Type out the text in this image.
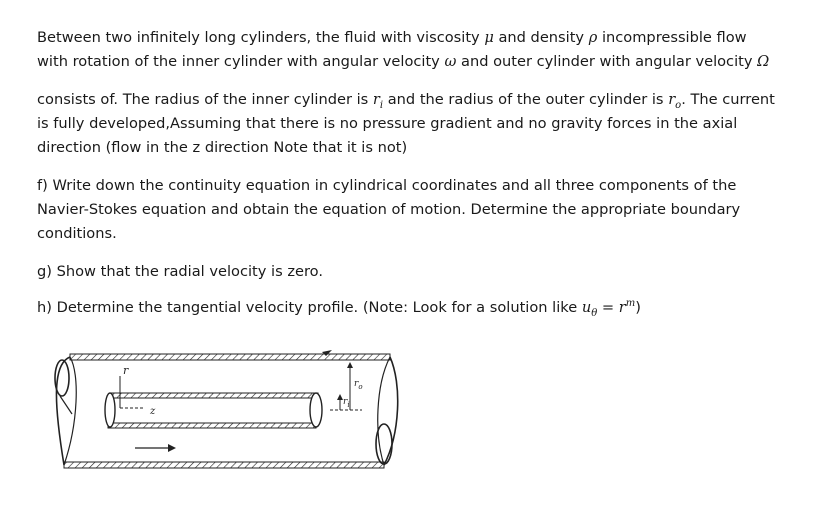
Between two infinitely long cylinders, the fluid with viscosity μ and density ρ incompressible flow
with rotation of the inner cylinder with angular velocity ω and outer cylinder with angular velocity Ω
consists of. The radius of the inner cylinder is $r_i$ and the radius of the outer cylinder is $r_o$. The current
is fully developed,Assuming that there is no pressure gradient and no gravity forces in the axial
direction (flow in the z direction Note that it is not)
f) Write down the continuity equation in cylindrical coordinates and all three components of the
Navier-Stokes equation and obtain the equation of motion. Determine the appropriate boundary
conditions.
g) Show that the radial velocity is zero.
h) Determine the tangential velocity profile. (Note: Look for a solution like $u_\theta = r^m$)
r
z
$r_o$
$r_i$
